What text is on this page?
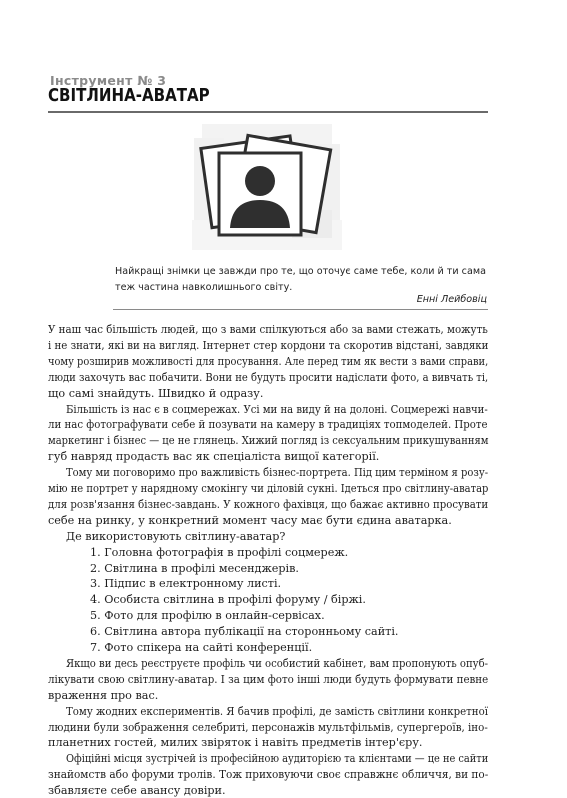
Інструмент № 3
СВІТЛИНА-АВАТАР
Найкращі знімки це завжди про те, що оточує саме тебе, коли й ти сама теж частина навколишнього світу.
Енні Лейбовіц
У наш час більшість людей, що з вами спілкуються або за вами стежать, можуть
і не знати, які ви на вигляд. Інтернет стер кордони та скоротив відстані, завдяки
чому розширив можливості для просування. Але перед тим як вести з вами справи,
люди захочуть вас побачити. Вони не будуть просити надіслати фото, а вивчать ті,
що самі знайдуть. Швидко й одразу.
Більшість із нас є в соцмережах. Усі ми на виду й на долоні. Соцмережі навчи-
ли нас фотографувати себе й позувати на камеру в традиціях топмоделей. Проте
маркетинг і бізнес — це не глянець. Хижий погляд із сексуальним прикушуванням
губ навряд продасть вас як спеціаліста вищої категорії.
Тому ми поговоримо про важливість бізнес-портрета. Під цим терміном я розу-
мію не портрет у нарядному смокінгу чи діловій сукні. Ідеться про світлину-аватар
для розв'язання бізнес-завдань. У кожного фахівця, що бажає активно просувати
себе на ринку, у конкретний момент часу має бути єдина аватарка.
Де використовують світлину-аватар?
1. Головна фотографія в профілі соцмереж.
2. Світлина в профілі месенджерів.
3. Підпис в електронному листі.
4. Особиста світлина в профілі форуму / біржі.
5. Фото для профілю в онлайн-сервісах.
6. Світлина автора публікації на сторонньому сайті.
7. Фото спікера на сайті конференції.
Якщо ви десь реєструєте профіль чи особистий кабінет, вам пропонують опуб-
лікувати свою світлину-аватар. І за цим фото інші люди будуть формувати певне
враження про вас.
Тому жодних експериментів. Я бачив профілі, де замість світлини конкретної
людини були зображення селебриті, персонажів мультфільмів, супергероїв, іно-
планетних гостей, милих звіряток і навіть предметів інтер'єру.
Офіційні місця зустрічей із професійною аудиторією та клієнтами — це не сайти
знайомств або форуми тролів. Тож приховуючи своє справжнє обличчя, ви по-
збавляєте себе авансу довіри.
